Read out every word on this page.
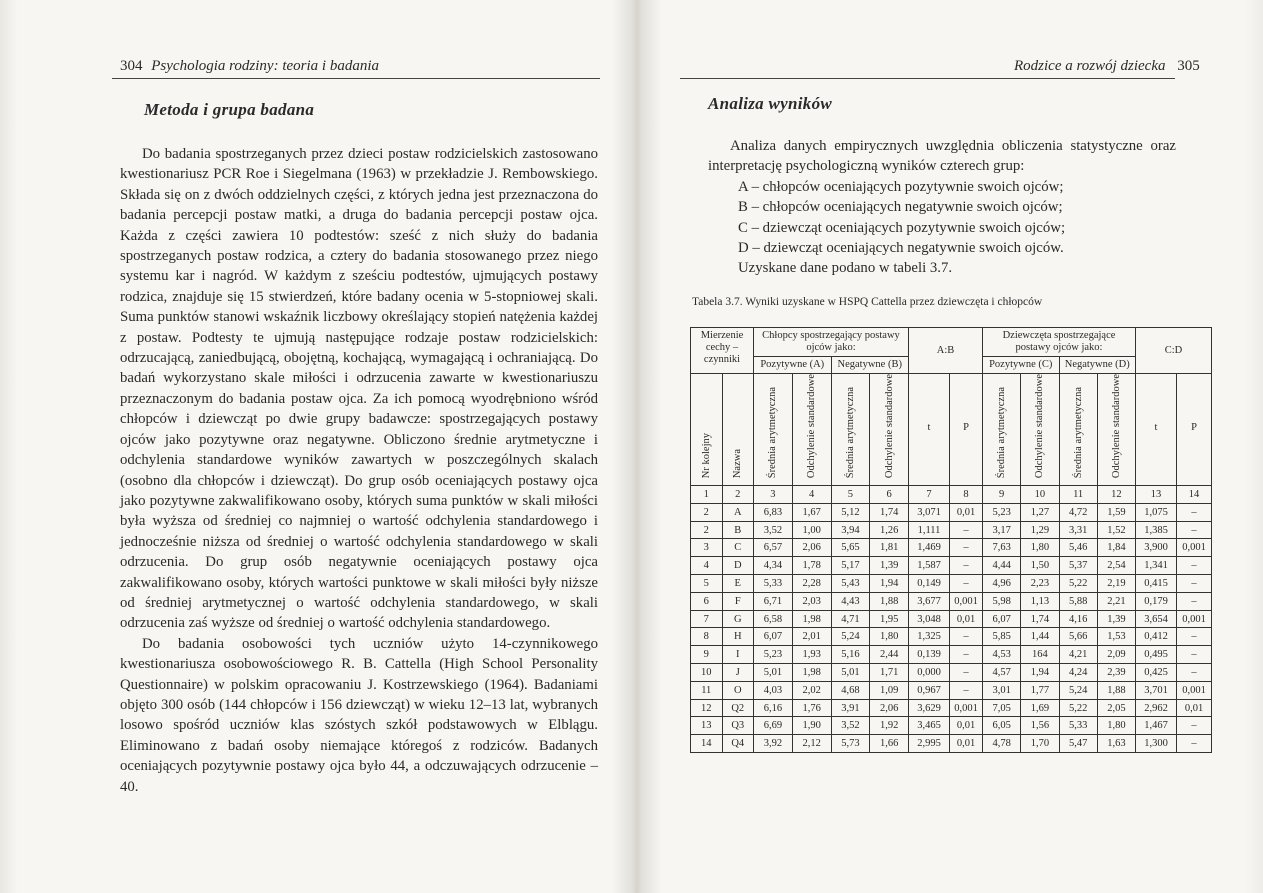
304 Psychologia rodziny: teoria i badania
Metoda i grupa badana

Do badania spostrzeganych przez dzieci postaw rodzicielskich zastosowano kwestionariusz PCR Roe i Siegelmana (1963) w przekładzie J. Rembowskiego. Składa się on z dwóch oddzielnych części, z których jedna jest przeznaczona do badania percepcji postaw matki, a druga do badania percepcji postaw ojca. Każda z części zawiera 10 podtestów: sześć z nich służy do badania spostrzeganych postaw rodzica, a cztery do badania stosowanego przez niego systemu kar i nagród. W każdym z sześciu podtestów, ujmujących postawy rodzica, znajduje się 15 stwierdzeń, które badany ocenia w 5-stopniowej skali. Suma punktów stanowi wskaźnik liczbowy określający stopień natężenia każdej z postaw. Podtesty te ujmują następujące rodzaje postaw rodzicielskich: odrzucającą, zaniedbującą, obojętną, kochającą, wymagającą i ochraniającą. Do badań wykorzystano skale miłości i odrzucenia zawarte w kwestionariuszu przeznaczonym do badania postaw ojca. Za ich pomocą wyodrębniono wśród chłopców i dziewcząt po dwie grupy badawcze: spostrzegających postawy ojców jako pozytywne oraz negatywne. Obliczono średnie arytmetyczne i odchylenia standardowe wyników zawartych w poszczególnych skalach (osobno dla chłopców i dziewcząt). Do grup osób oceniających postawy ojca jako pozytywne zakwalifikowano osoby, których suma punktów w skali miłości była wyższa od średniej co najmniej o wartość odchylenia standardowego i jednocześnie niższa od średniej o wartość odchylenia standardowego w skali odrzucenia. Do grup osób negatywnie oceniających postawy ojca zakwalifikowano osoby, których wartości punktowe w skali miłości były niższe od średniej arytmetycznej o wartość odchylenia standardowego, w skali odrzucenia zaś wyższe od średniej o wartość odchylenia standardowego.

Do badania osobowości tych uczniów użyto 14-czynnikowego kwestionariusza osobowościowego R. B. Cattella (High School Personality Questionnaire) w polskim opracowaniu J. Kostrzewskiego (1964). Badaniami objęto 300 osób (144 chłopców i 156 dziewcząt) w wieku 12–13 lat, wybranych losowo spośród uczniów klas szóstych szkół podstawowych w Elblągu. Eliminowano z badań osoby niemające któregoś z rodziców. Badanych oceniających pozytywnie postawy ojca było 44, a odczuwających odrzucenie – 40.

Rodzice a rozwój dziecka 305
Analiza wyników

Analiza danych empirycznych uwzględnia obliczenia statystyczne oraz interpretację psychologiczną wyników czterech grup:

A – chłopców oceniających pozytywnie swoich ojców;

B – chłopców oceniających negatywnie swoich ojców;

C – dziewcząt oceniających pozytywnie swoich ojców;

D – dziewcząt oceniających negatywnie swoich ojców.

Uzyskane dane podano w tabeli 3.7.

Tabela 3.7. Wyniki uzyskane w HSPQ Cattella przez dziewczęta i chłopców
Mierzenie cechy – czynniki		Chłopcy spostrzegający postawy ojców jako:				A:B		Dziewczęta spostrzegające postawy ojców jako:				C:D	
		Pozytywne (A)		Negatywne (B)				Pozytywne (C)		Negatywne (D)			
Nr kolejny	Nazwa	Średnia arytmetyczna	Odchylenie standardowe	Średnia arytmetyczna	Odchylenie standardowe	t	P	Średnia arytmetyczna	Odchylenie standardowe	Średnia arytmetyczna	Odchylenie standardowe	t	P
1	2	3	4	5	6	7	8	9	10	11	12	13	14
2	A	6,83	1,67	5,12	1,74	3,071	0,01	5,23	1,27	4,72	1,59	1,075	–
2	B	3,52	1,00	3,94	1,26	1,111	–	3,17	1,29	3,31	1,52	1,385	–
3	C	6,57	2,06	5,65	1,81	1,469	–	7,63	1,80	5,46	1,84	3,900	0,001
4	D	4,34	1,78	5,17	1,39	1,587	–	4,44	1,50	5,37	2,54	1,341	–
5	E	5,33	2,28	5,43	1,94	0,149	–	4,96	2,23	5,22	2,19	0,415	–
6	F	6,71	2,03	4,43	1,88	3,677	0,001	5,98	1,13	5,88	2,21	0,179	–
7	G	6,58	1,98	4,71	1,95	3,048	0,01	6,07	1,74	4,16	1,39	3,654	0,001
8	H	6,07	2,01	5,24	1,80	1,325	–	5,85	1,44	5,66	1,53	0,412	–
9	I	5,23	1,93	5,16	2,44	0,139	–	4,53	164	4,21	2,09	0,495	–
10	J	5,01	1,98	5,01	1,71	0,000	–	4,57	1,94	4,24	2,39	0,425	–
11	O	4,03	2,02	4,68	1,09	0,967	–	3,01	1,77	5,24	1,88	3,701	0,001
12	Q2	6,16	1,76	3,91	2,06	3,629	0,001	7,05	1,69	5,22	2,05	2,962	0,01
13	Q3	6,69	1,90	3,52	1,92	3,465	0,01	6,05	1,56	5,33	1,80	1,467	–
14	Q4	3,92	2,12	5,73	1,66	2,995	0,01	4,78	1,70	5,47	1,63	1,300	–
